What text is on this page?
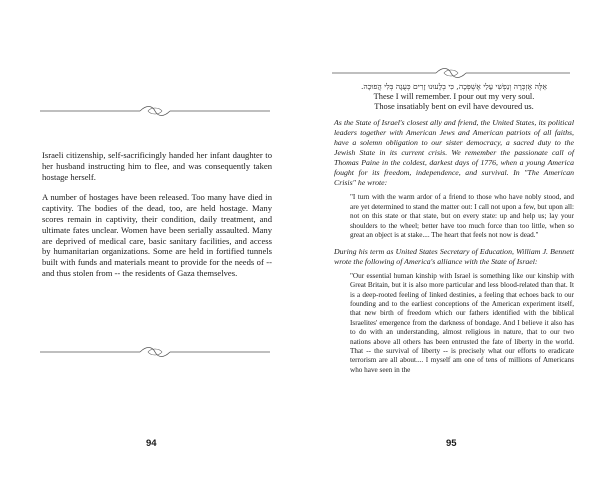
Israeli citizenship, self-sacrificingly handed her infant daughter to her husband instructing him to flee, and was consequently taken hostage herself.

A number of hostages have been released. Too many have died in captivity. The bodies of the dead, too, are held hostage. Many scores remain in captivity, their condition, daily treatment, and ultimate fates unclear. Women have been serially assaulted. Many are deprived of medical care, basic sanitary facilities, and access by humanitarian organizations. Some are held in fortified tunnels built with funds and materials meant to provide for the needs of -- and thus stolen from -- the residents of Gaza themselves.

94
אֵלֶּה אֶזְכְּרָה וְנַפְשִׁי עָלַי אֶשְׁפְּכָה, כִּי בְלָעוּנוּ זָרִים כְּעֻגָה בְּלִי הֲפוּכָה.
These I will remember. I pour out my very soul.
Those insatiably bent on evil have devoured us.

As the State of Israel's closest ally and friend, the United States, its political leaders together with American Jews and American patriots of all faiths, have a solemn obligation to our sister democracy, a sacred duty to the Jewish State in its current crisis. We remember the passionate call of Thomas Paine in the coldest, darkest days of 1776, when a young America fought for its freedom, independence, and survival. In "The American Crisis" he wrote:

"I turn with the warm ardor of a friend to those who have nobly stood, and are yet determined to stand the matter out: I call not upon a few, but upon all: not on this state or that state, but on every state: up and help us; lay your shoulders to the wheel; better have too much force than too little, when so great an object is at stake.... The heart that feels not now is dead."

During his term as United States Secretary of Education, William J. Bennett wrote the following of America's alliance with the State of Israel:

"Our essential human kinship with Israel is something like our kinship with Great Britain, but it is also more particular and less blood-related than that. It is a deep-rooted feeling of linked destinies, a feeling that echoes back to our founding and to the earliest conceptions of the American experiment itself, that new birth of freedom which our fathers identified with the biblical Israelites' emergence from the darkness of bondage. And I believe it also has to do with an understanding, almost religious in nature, that to our two nations above all others has been entrusted the fate of liberty in the world. That -- the survival of liberty -- is precisely what our efforts to eradicate terrorism are all about.... I myself am one of tens of millions of Americans who have seen in the

95
